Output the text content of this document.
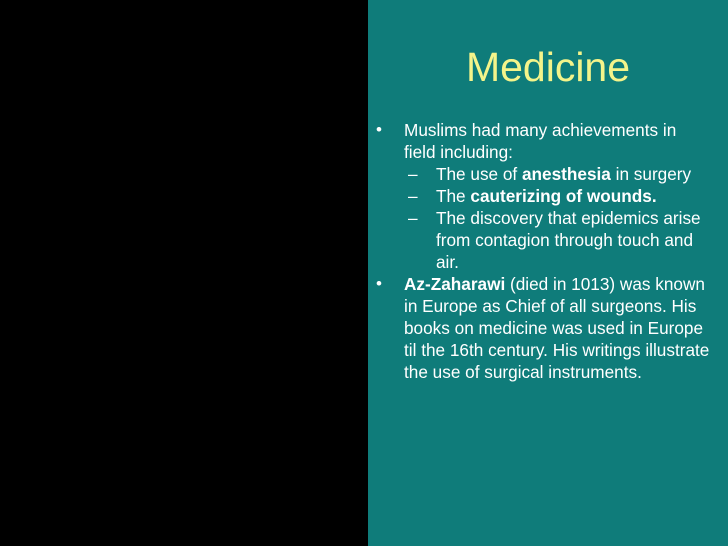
Medicine
• Muslims had many achievements in field including:
– The use of anesthesia in surgery
– The cauterizing of wounds.
– The discovery that epidemics arise from contagion through touch and air.
• Az-Zaharawi (died in 1013) was known in Europe as Chief of all surgeons. His books on medicine was used in Europe til the 16th century. His writings illustrate the use of surgical instruments.
